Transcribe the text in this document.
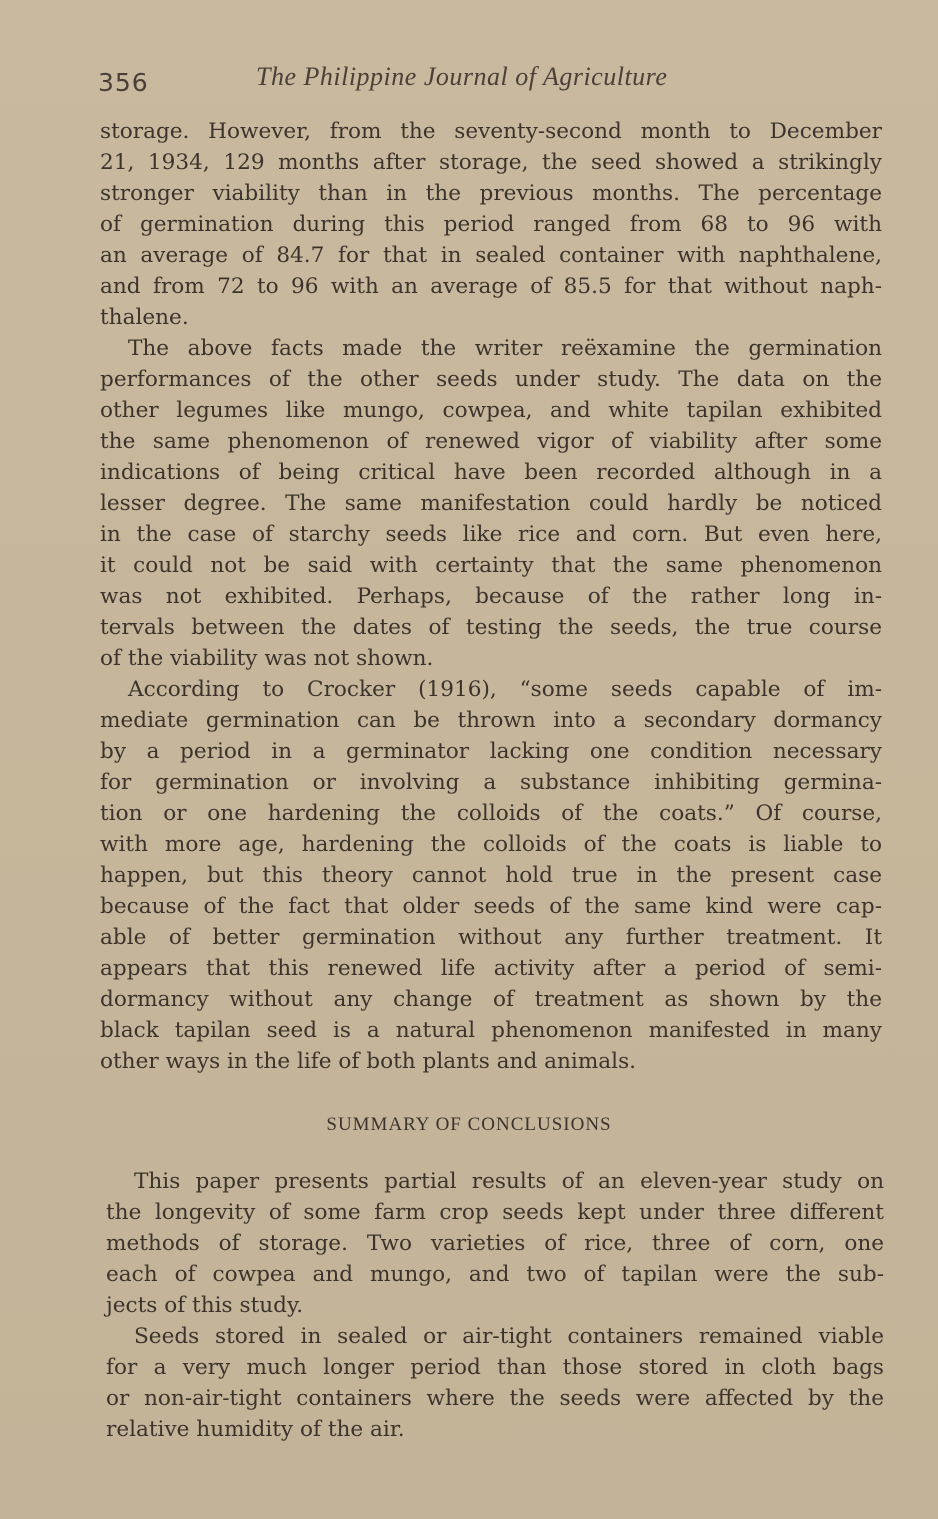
356	The Philippine Journal of Agriculture

storage. However, from the seventy-second month to December
21, 1934, 129 months after storage, the seed showed a strikingly
stronger viability than in the previous months. The percentage
of germination during this period ranged from 68 to 96 with
an average of 84.7 for that in sealed container with naphthalene,
and from 72 to 96 with an average of 85.5 for that without naph-
thalene.

The above facts made the writer reëxamine the germination
performances of the other seeds under study. The data on the
other legumes like mungo, cowpea, and white tapilan exhibited
the same phenomenon of renewed vigor of viability after some
indications of being critical have been recorded although in a
lesser degree. The same manifestation could hardly be noticed
in the case of starchy seeds like rice and corn. But even here,
it could not be said with certainty that the same phenomenon
was not exhibited. Perhaps, because of the rather long in-
tervals between the dates of testing the seeds, the true course
of the viability was not shown.

According to Crocker (1916), “some seeds capable of im-
mediate germination can be thrown into a secondary dormancy
by a period in a germinator lacking one condition necessary
for germination or involving a substance inhibiting germina-
tion or one hardening the colloids of the coats.” Of course,
with more age, hardening the colloids of the coats is liable to
happen, but this theory cannot hold true in the present case
because of the fact that older seeds of the same kind were cap-
able of better germination without any further treatment. It
appears that this renewed life activity after a period of semi-
dormancy without any change of treatment as shown by the
black tapilan seed is a natural phenomenon manifested in many
other ways in the life of both plants and animals.

SUMMARY OF CONCLUSIONS

This paper presents partial results of an eleven-year study on
the longevity of some farm crop seeds kept under three different
methods of storage. Two varieties of rice, three of corn, one
each of cowpea and mungo, and two of tapilan were the sub-
jects of this study.

Seeds stored in sealed or air-tight containers remained viable
for a very much longer period than those stored in cloth bags
or non-air-tight containers where the seeds were affected by the
relative humidity of the air.
